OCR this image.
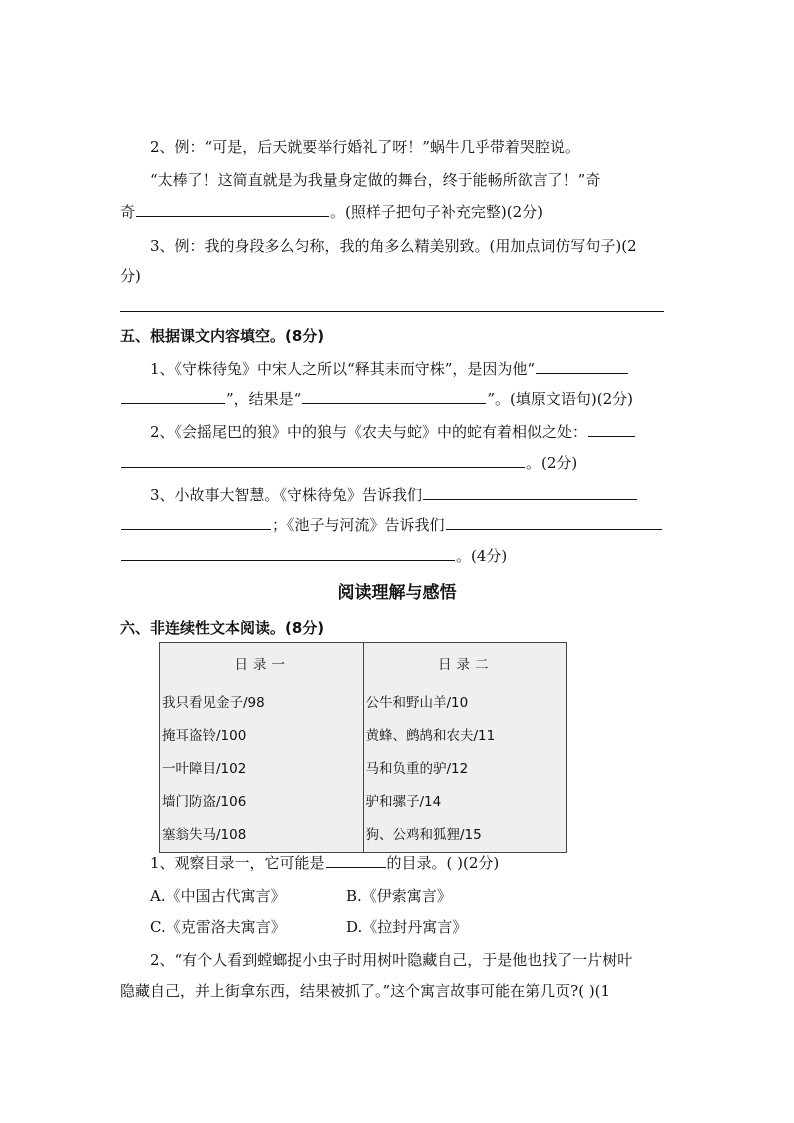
2、例：“可是，后天就要举行婚礼了呀！”蜗牛几乎带着哭腔说。
“太棒了！这简直就是为我量身定做的舞台，终于能畅所欲言了！”奇
奇	。(照样子把句子补充完整)(2分)
3、例：我的身段多么匀称，我的角多么精美别致。(用加点词仿写句子)(2
分)
五、根据课文内容填空。(8分)
1、《守株待兔》中宋人之所以“释其耒而守株”，是因为他“
”，结果是“	”。(填原文语句)(2分)
2、《会摇尾巴的狼》中的狼与《农夫与蛇》中的蛇有着相似之处：
。(2分)
3、小故事大智慧。《守株待兔》告诉我们
；《池子与河流》告诉我们
。(4分)
阅读理解与感悟
六、非连续性文本阅读。(8分)
日录一	日录二
我只看见金子/98	公牛和野山羊/10
掩耳盗铃/100	黄蜂、鹧鸪和农夫/11
一叶障目/102	马和负重的驴/12
墙门防盗/106	驴和骡子/14
塞翁失马/108	狗、公鸡和狐狸/15
1、观察目录一，它可能是	的目录。( )(2分)
A.《中国古代寓言》	B.《伊索寓言》
C.《克雷洛夫寓言》	D.《拉封丹寓言》
2、“有个人看到螳螂捉小虫子时用树叶隐藏自己，于是他也找了一片树叶
隐藏自己，并上街拿东西，结果被抓了。”这个寓言故事可能在第几页?( )(1
